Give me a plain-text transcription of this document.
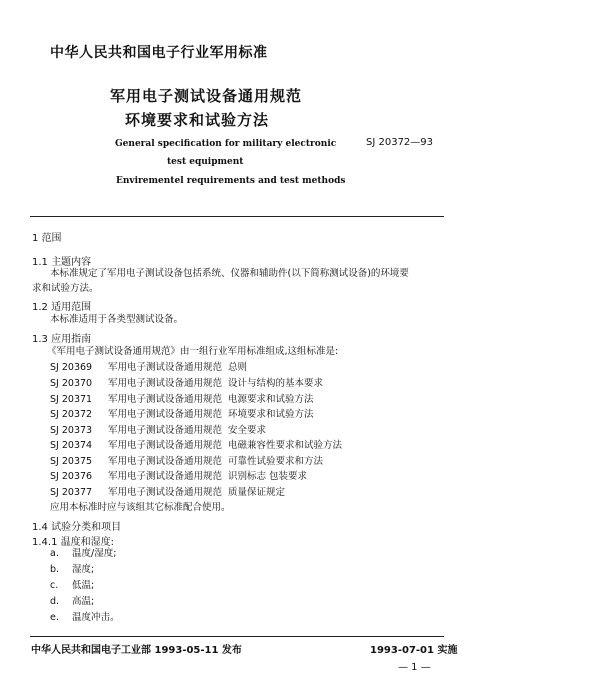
中华人民共和国电子行业军用标准
军用电子测试设备通用规范
环境要求和试验方法
General specification for military electronic
test equipment
Envirementel requirements and test methods
SJ 20372—93
1 范围
1.1 主题内容
本标准规定了军用电子测试设备包括系统、仪器和辅助件(以下简称测试设备)的环境要
求和试验方法。
1.2 适用范围
本标准适用于各类型测试设备。
1.3 应用指南
《军用电子测试设备通用规范》由一组行业军用标准组成,这组标准是:
SJ 20369 军用电子测试设备通用规范 总则
SJ 20370 军用电子测试设备通用规范 设计与结构的基本要求
SJ 20371 军用电子测试设备通用规范 电源要求和试验方法
SJ 20372 军用电子测试设备通用规范 环境要求和试验方法
SJ 20373 军用电子测试设备通用规范 安全要求
SJ 20374 军用电子测试设备通用规范 电磁兼容性要求和试验方法
SJ 20375 军用电子测试设备通用规范 可靠性试验要求和方法
SJ 20376 军用电子测试设备通用规范 识别标志 包装要求
SJ 20377 军用电子测试设备通用规范 质量保证规定
应用本标准时应与该组其它标准配合使用。
1.4 试验分类和项目
1.4.1 温度和湿度:
a. 温度/湿度;
b. 湿度;
c. 低温;
d. 高温;
e. 温度冲击。
中华人民共和国电子工业部 1993-05-11 发布	1993-07-01 实施
— 1 —
